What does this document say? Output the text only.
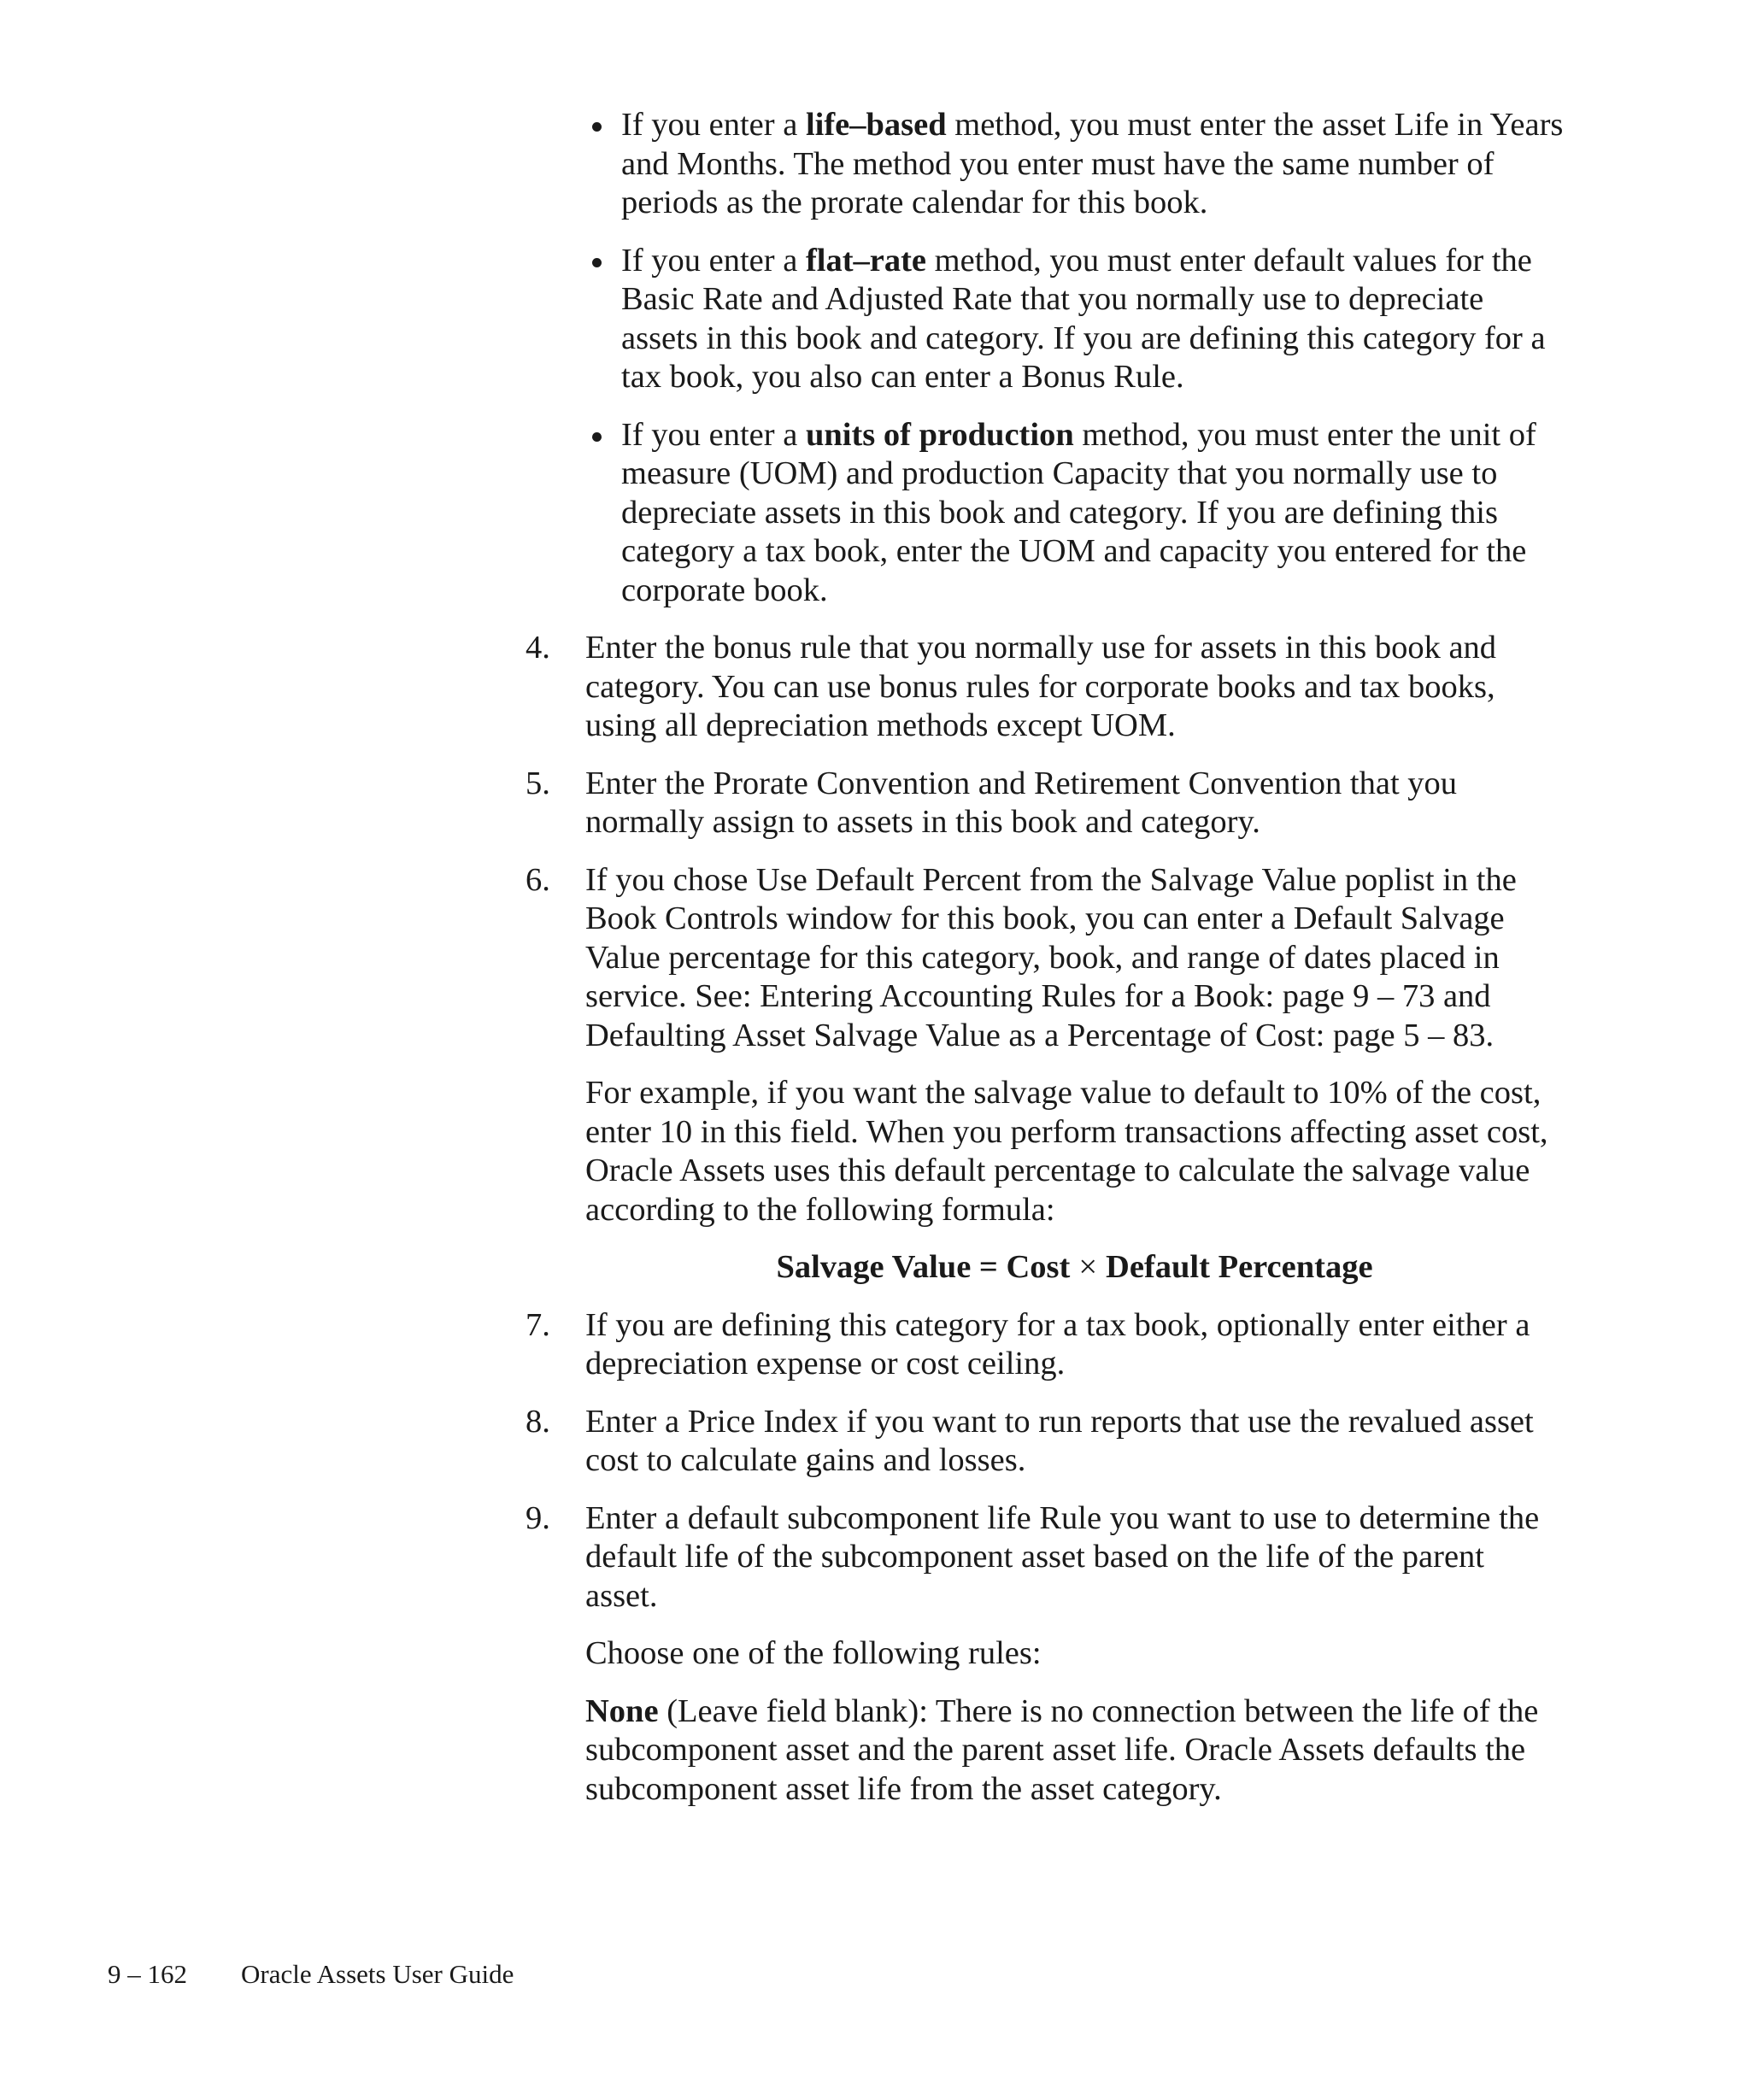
If you enter a life–based method, you must enter the asset Life in Years and Months. The method you enter must have the same number of periods as the prorate calendar for this book.
If you enter a flat–rate method, you must enter default values for the Basic Rate and Adjusted Rate that you normally use to depreciate assets in this book and category. If you are defining this category for a tax book, you also can enter a Bonus Rule.
If you enter a units of production method, you must enter the unit of measure (UOM) and production Capacity that you normally use to depreciate assets in this book and category. If you are defining this category a tax book, enter the UOM and capacity you entered for the corporate book.
4. Enter the bonus rule that you normally use for assets in this book and category. You can use bonus rules for corporate books and tax books, using all depreciation methods except UOM.
5. Enter the Prorate Convention and Retirement Convention that you normally assign to assets in this book and category.
6. If you chose Use Default Percent from the Salvage Value poplist in the Book Controls window for this book, you can enter a Default Salvage Value percentage for this category, book, and range of dates placed in service. See: Entering Accounting Rules for a Book: page 9 – 73 and Defaulting Asset Salvage Value as a Percentage of Cost: page 5 – 83.
For example, if you want the salvage value to default to 10% of the cost, enter 10 in this field. When you perform transactions affecting asset cost, Oracle Assets uses this default percentage to calculate the salvage value according to the following formula:
Salvage Value = Cost × Default Percentage
7. If you are defining this category for a tax book, optionally enter either a depreciation expense or cost ceiling.
8. Enter a Price Index if you want to run reports that use the revalued asset cost to calculate gains and losses.
9. Enter a default subcomponent life Rule you want to use to determine the default life of the subcomponent asset based on the life of the parent asset.
Choose one of the following rules:
None (Leave field blank): There is no connection between the life of the subcomponent asset and the parent asset life. Oracle Assets defaults the subcomponent asset life from the asset category.
9 – 162 Oracle Assets User Guide
